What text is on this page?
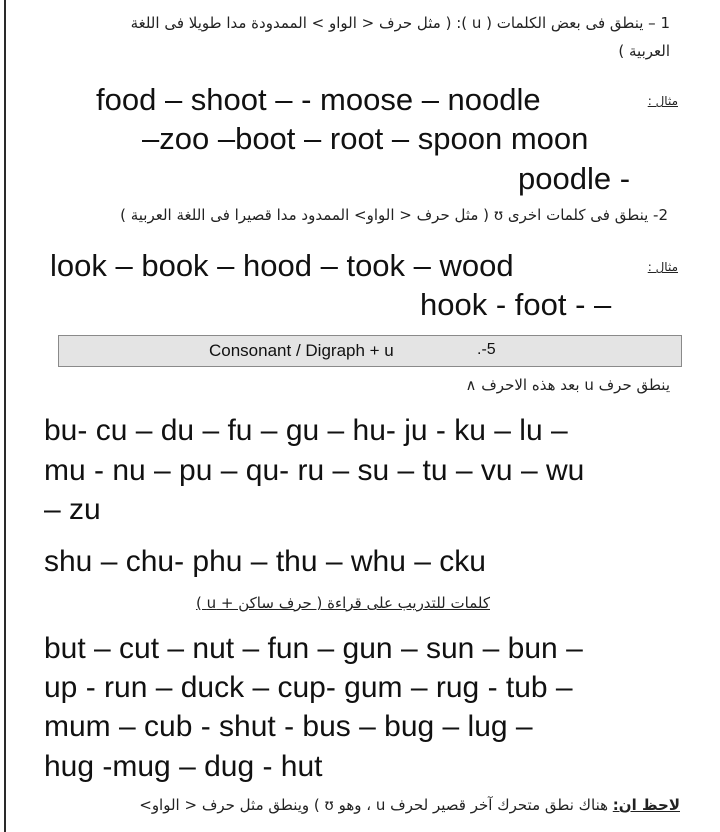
1 – ينطق فى بعض الكلمات ( u ): ( مثل حرف < الواو > الممدودة مدا طويلا فى اللغة
العربية )
مثال :
food – shoot – - moose – noodle
–zoo –boot – root – spoon moon
poodle -
2- ينطق فى كلمات اخرى ʊ ( مثل حرف < الواو> الممدود مدا قصيرا فى اللغة العربية )
مثال :
look – book – hood – took – wood
hook - foot - –
Consonant / Digraph + u	.-5
ينطق حرف u بعد هذه الاحرف ∧
bu- cu – du – fu – gu – hu- ju - ku – lu –
mu - nu – pu – qu- ru – su – tu – vu – wu
– zu
shu – chu- phu – thu – whu – cku
كلمات للتدريب على قراءة ( حرف ساكن + u )
but – cut – nut – fun – gun – sun – bun –
up - run – duck – cup- gum – rug - tub –
mum – cub - shut - bus – bug – lug –
hug -mug – dug - hut
لاحظ ان: هناك نطق متحرك آخر قصير لحرف u ، وهو ʊ ) وينطق مثل حرف < الواو>
